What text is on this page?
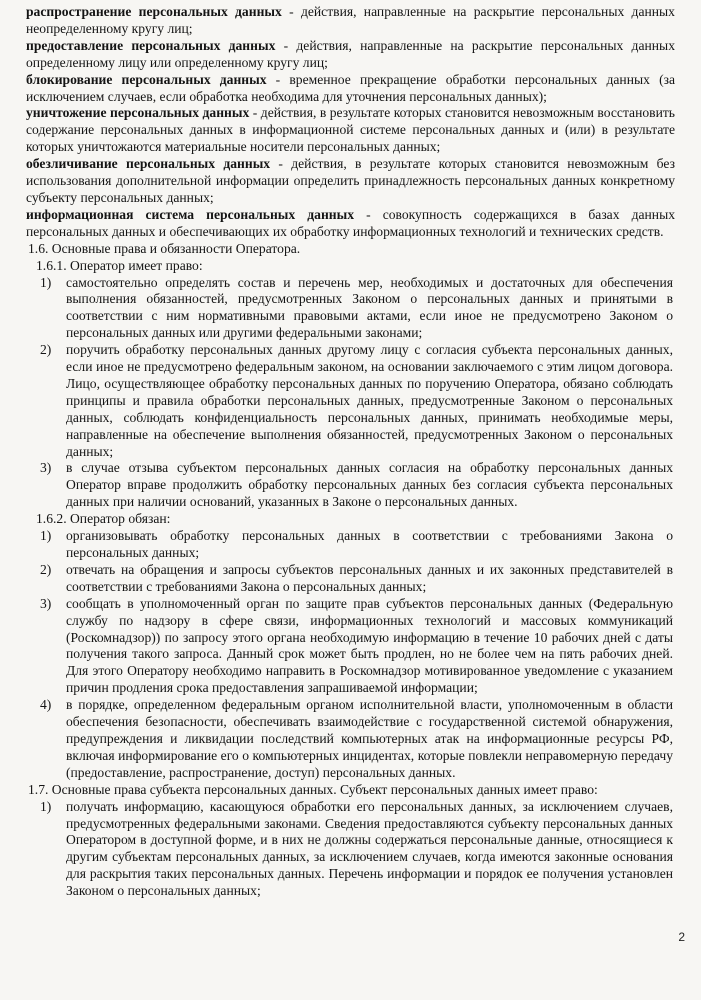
распространение персональных данных - действия, направленные на раскрытие персональных данных неопределенному кругу лиц;

предоставление персональных данных - действия, направленные на раскрытие персональных данных определенному лицу или определенному кругу лиц;

блокирование персональных данных - временное прекращение обработки персональных данных (за исключением случаев, если обработка необходима для уточнения персональных данных);

уничтожение персональных данных - действия, в результате которых становится невозможным восстановить содержание персональных данных в информационной системе персональных данных и (или) в результате которых уничтожаются материальные носители персональных данных;

обезличивание персональных данных - действия, в результате которых становится невозможным без использования дополнительной информации определить принадлежность персональных данных конкретному субъекту персональных данных;

информационная система персональных данных - совокупность содержащихся в базах данных персональных данных и обеспечивающих их обработку информационных технологий и технических средств.

1.6. Основные права и обязанности Оператора.

1.6.1. Оператор имеет право:

1)	самостоятельно определять состав и перечень мер, необходимых и достаточных для обеспечения выполнения обязанностей, предусмотренных Законом о персональных данных и принятыми в соответствии с ним нормативными правовыми актами, если иное не предусмотрено Законом о персональных данных или другими федеральными законами;
2)	поручить обработку персональных данных другому лицу с согласия субъекта персональных данных, если иное не предусмотрено федеральным законом, на основании заключаемого с этим лицом договора. Лицо, осуществляющее обработку персональных данных по поручению Оператора, обязано соблюдать принципы и правила обработки персональных данных, предусмотренные Законом о персональных данных, соблюдать конфиденциальность персональных данных, принимать необходимые меры, направленные на обеспечение выполнения обязанностей, предусмотренных Законом о персональных данных;
3)	в случае отзыва субъектом персональных данных согласия на обработку персональных данных Оператор вправе продолжить обработку персональных данных без согласия субъекта персональных данных при наличии оснований, указанных в Законе о персональных данных.

1.6.2. Оператор обязан:

1)	организовывать обработку персональных данных в соответствии с требованиями Закона о персональных данных;
2)	отвечать на обращения и запросы субъектов персональных данных и их законных представителей в соответствии с требованиями Закона о персональных данных;
3)	сообщать в уполномоченный орган по защите прав субъектов персональных данных (Федеральную службу по надзору в сфере связи, информационных технологий и массовых коммуникаций (Роскомнадзор)) по запросу этого органа необходимую информацию в течение 10 рабочих дней с даты получения такого запроса. Данный срок может быть продлен, но не более чем на пять рабочих дней. Для этого Оператору необходимо направить в Роскомнадзор мотивированное уведомление с указанием причин продления срока предоставления запрашиваемой информации;
4)	в порядке, определенном федеральным органом исполнительной власти, уполномоченным в области обеспечения безопасности, обеспечивать взаимодействие с государственной системой обнаружения, предупреждения и ликвидации последствий компьютерных атак на информационные ресурсы РФ, включая информирование его о компьютерных инцидентах, которые повлекли неправомерную передачу (предоставление, распространение, доступ) персональных данных.

1.7. Основные права субъекта персональных данных. Субъект персональных данных имеет право:

1)	получать информацию, касающуюся обработки его персональных данных, за исключением случаев, предусмотренных федеральными законами. Сведения предоставляются субъекту персональных данных Оператором в доступной форме, и в них не должны содержаться персональные данные, относящиеся к другим субъектам персональных данных, за исключением случаев, когда имеются законные основания для раскрытия таких персональных данных. Перечень информации и порядок ее получения установлен Законом о персональных данных;
2
